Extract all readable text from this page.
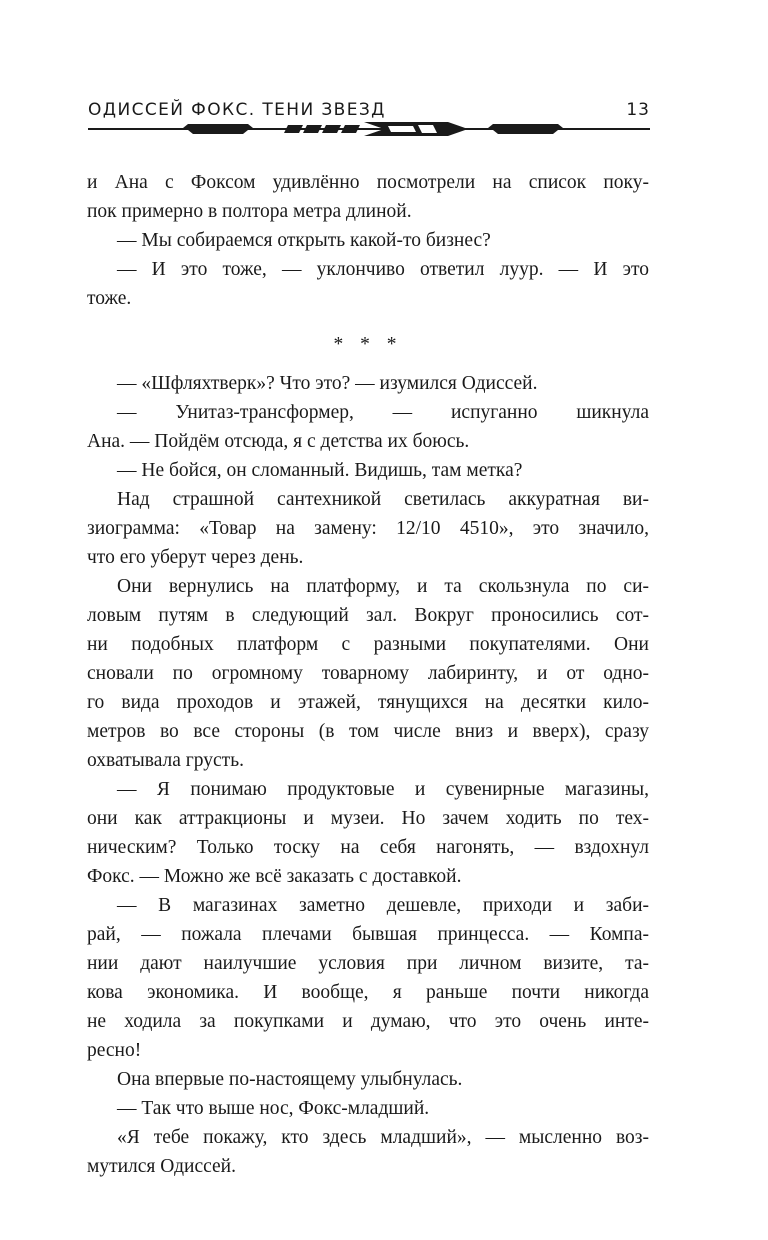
ОДИССЕЙ ФОКС. ТЕНИ ЗВЕЗД	13
и Ана с Фоксом удивлённо посмотрели на список поку-
пок примерно в полтора метра длиной.
— Мы собираемся открыть какой-то бизнес?
— И это тоже, — уклончиво ответил луур. — И это
тоже.
* * *
— «Шфляхтверк»? Что это? — изумился Одиссей.
— Унитаз-трансформер, — испуганно шикнула
Ана. — Пойдём отсюда, я с детства их боюсь.
— Не бойся, он сломанный. Видишь, там метка?
Над страшной сантехникой светилась аккуратная ви-
зиограмма: «Товар на замену: 12/10 4510», это значило,
что его уберут через день.
Они вернулись на платформу, и та скользнула по си-
ловым путям в следующий зал. Вокруг проносились сот-
ни подобных платформ с разными покупателями. Они
сновали по огромному товарному лабиринту, и от одно-
го вида проходов и этажей, тянущихся на десятки кило-
метров во все стороны (в том числе вниз и вверх), сразу
охватывала грусть.
— Я понимаю продуктовые и сувенирные магазины,
они как аттракционы и музеи. Но зачем ходить по тех-
ническим? Только тоску на себя нагонять, — вздохнул
Фокс. — Можно же всё заказать с доставкой.
— В магазинах заметно дешевле, приходи и заби-
рай, — пожала плечами бывшая принцесса. — Компа-
нии дают наилучшие условия при личном визите, та-
кова экономика. И вообще, я раньше почти никогда
не ходила за покупками и думаю, что это очень инте-
ресно!
Она впервые по-настоящему улыбнулась.
— Так что выше нос, Фокс-младший.
«Я тебе покажу, кто здесь младший», — мысленно воз-
мутился Одиссей.
